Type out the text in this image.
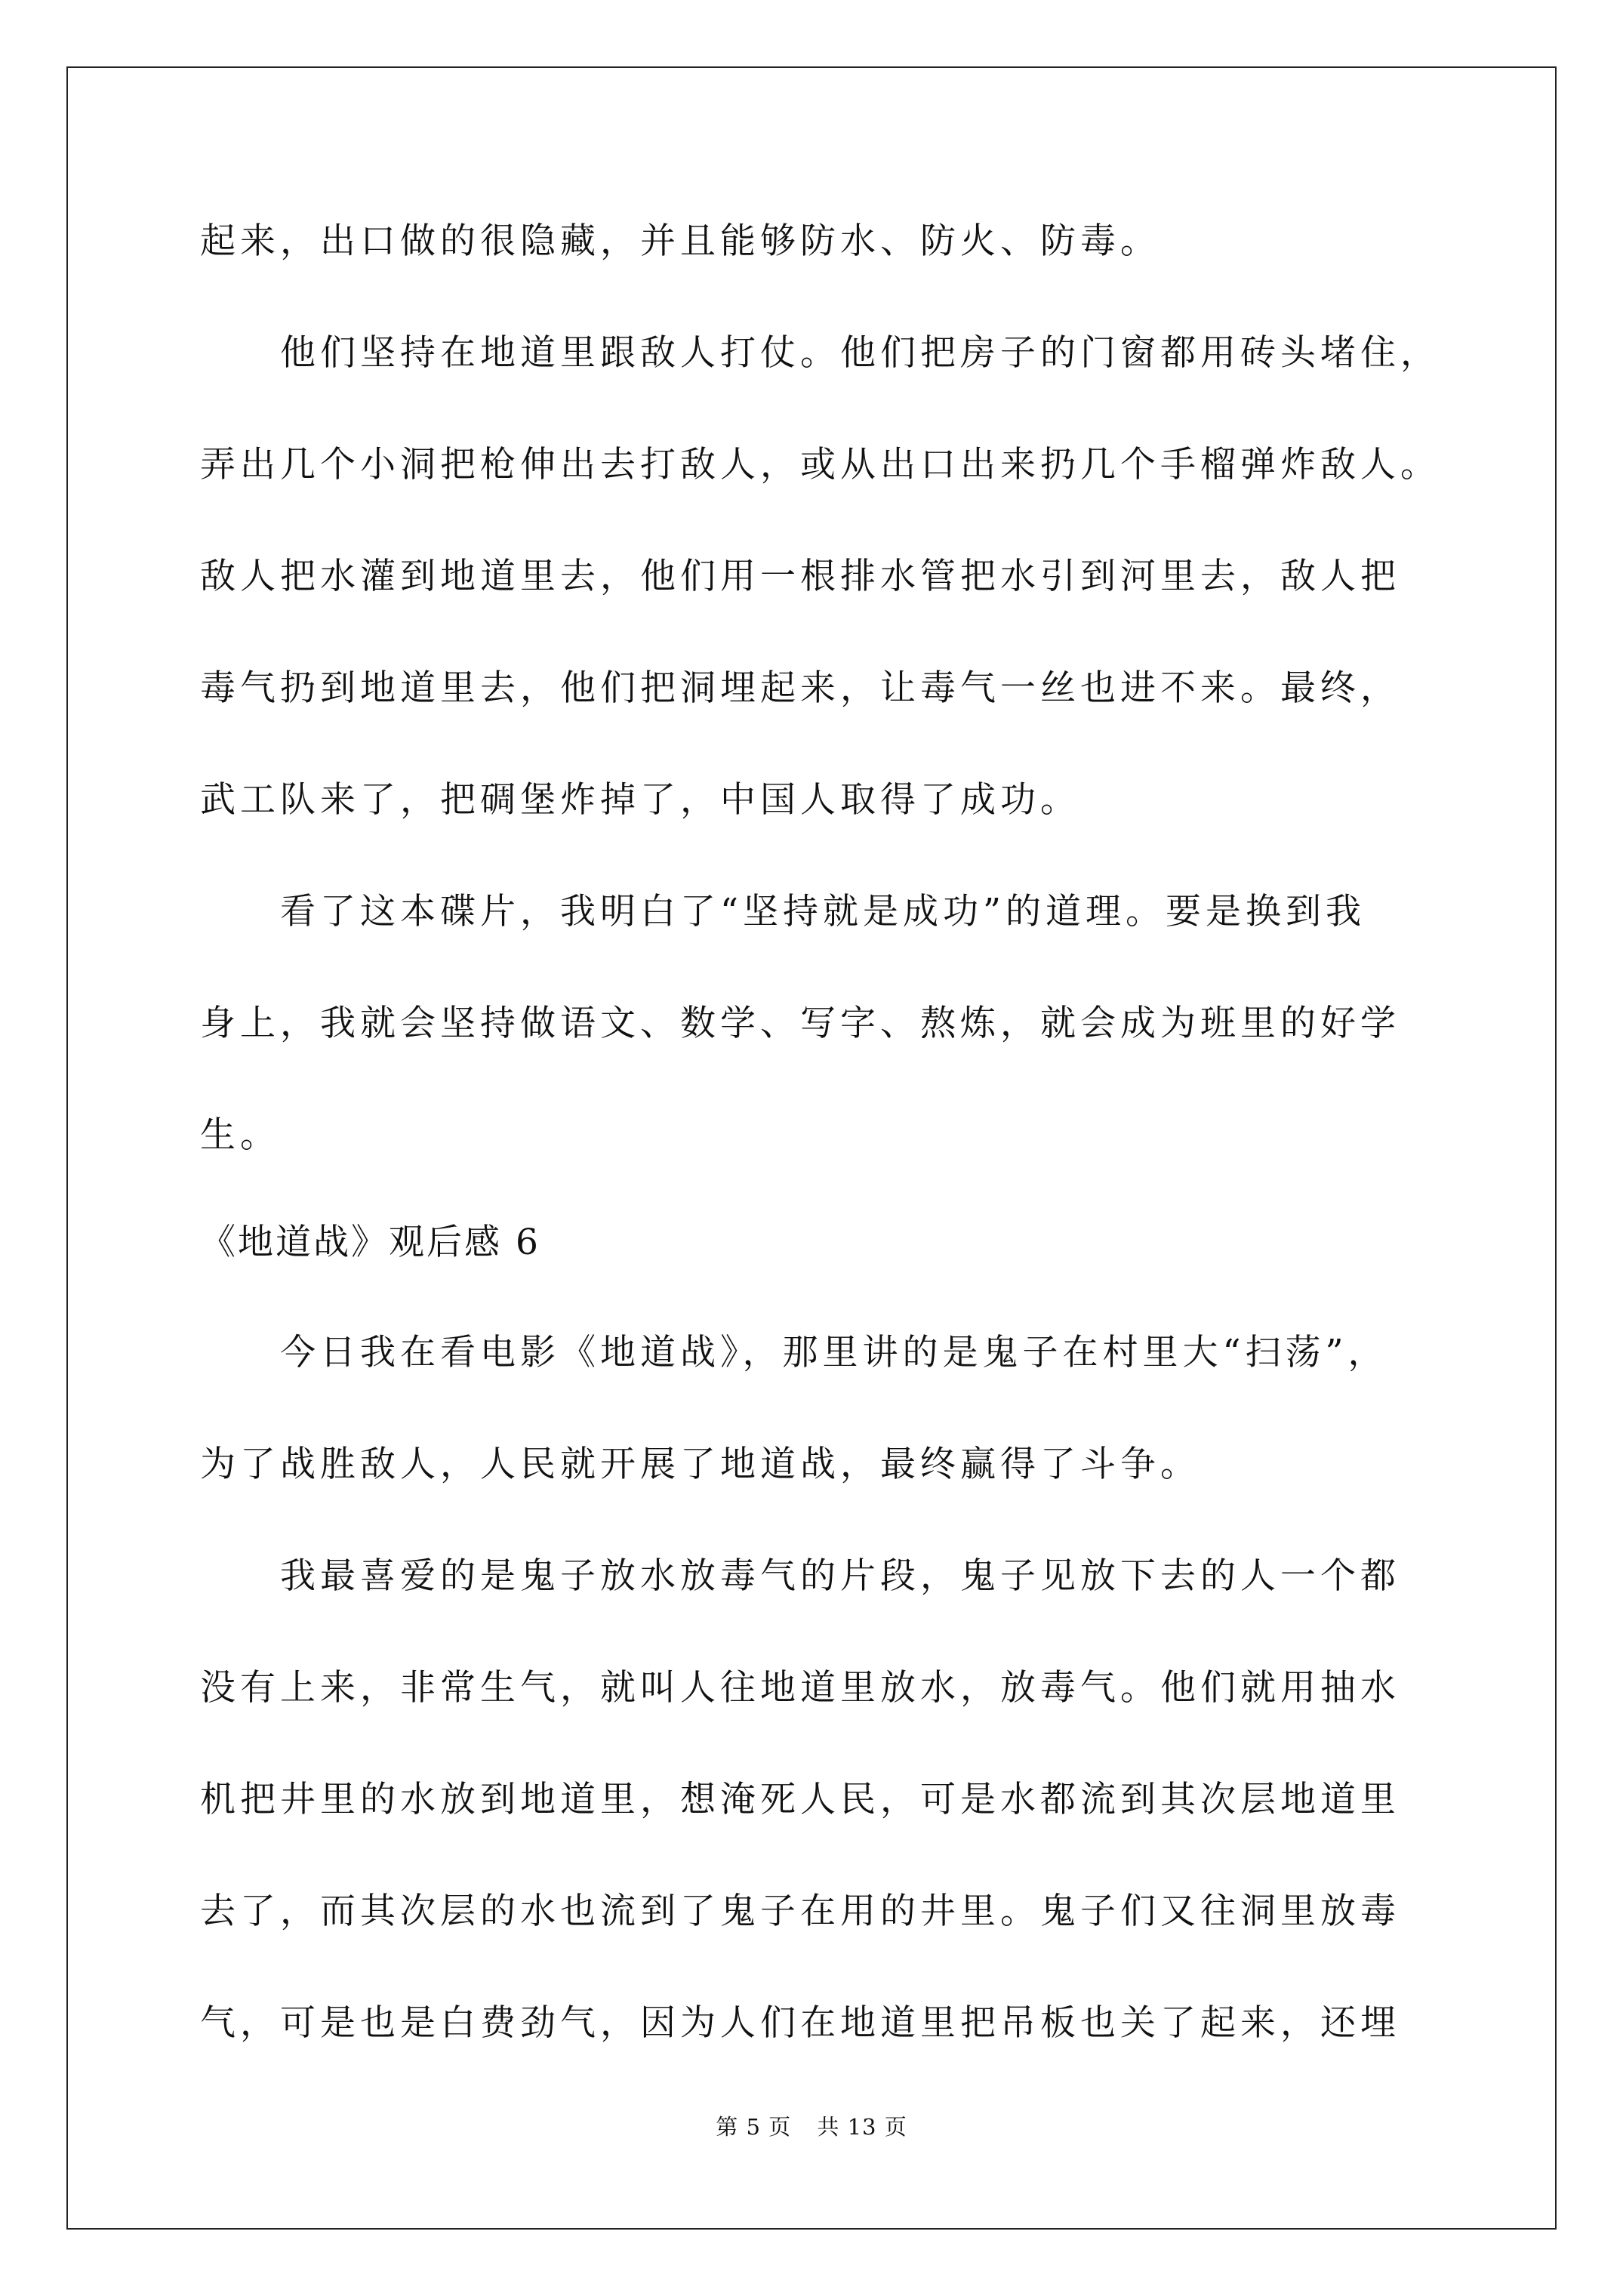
起来，出口做的很隐藏，并且能够防水、防火、防毒。
　　他们坚持在地道里跟敌人打仗。他们把房子的门窗都用砖头堵住，
弄出几个小洞把枪伸出去打敌人，或从出口出来扔几个手榴弹炸敌人。
敌人把水灌到地道里去，他们用一根排水管把水引到河里去，敌人把
毒气扔到地道里去，他们把洞埋起来，让毒气一丝也进不来。最终，
武工队来了，把碉堡炸掉了，中国人取得了成功。
　　看了这本碟片，我明白了“坚持就是成功”的道理。要是换到我
身上，我就会坚持做语文、数学、写字、熬炼，就会成为班里的好学
生。
《地道战》观后感 6
　　今日我在看电影《地道战》，那里讲的是鬼子在村里大“扫荡”，
为了战胜敌人，人民就开展了地道战，最终赢得了斗争。
　　我最喜爱的是鬼子放水放毒气的片段，鬼子见放下去的人一个都
没有上来，非常生气，就叫人往地道里放水，放毒气。他们就用抽水
机把井里的水放到地道里，想淹死人民，可是水都流到其次层地道里
去了，而其次层的水也流到了鬼子在用的井里。鬼子们又往洞里放毒
气，可是也是白费劲气，因为人们在地道里把吊板也关了起来，还埋
第 5 页 共 13 页
